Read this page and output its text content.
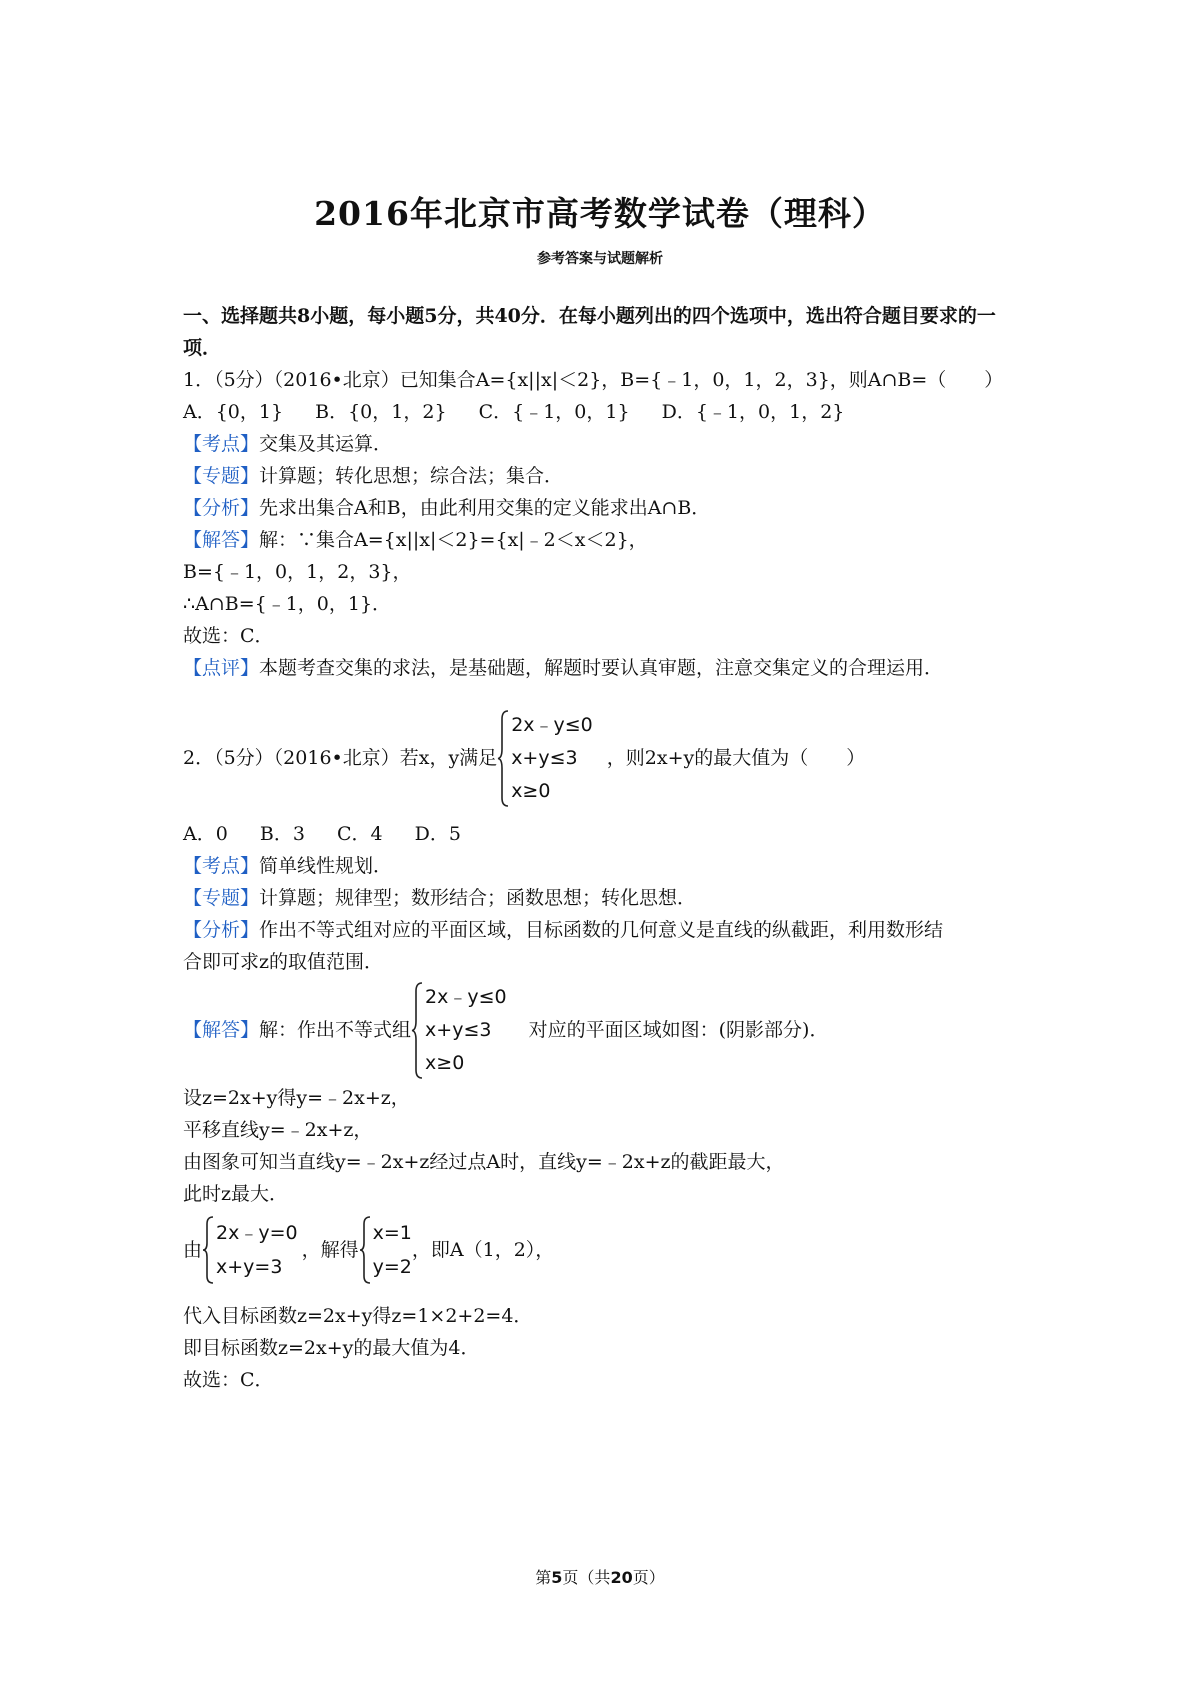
2016年北京市高考数学试卷（理科）
参考答案与试题解析
一、选择题共8小题，每小题5分，共40分．在每小题列出的四个选项中，选出符合题目要求的一项．
1．（5分）（2016•北京）已知集合A={x||x|＜2}，B={﹣1，0，1，2，3}，则A∩B=（　　）
A．{0，1} B．{0，1，2} C．{﹣1，0，1} D．{﹣1，0，1，2}
【考点】交集及其运算．
【专题】计算题；转化思想；综合法；集合．
【分析】先求出集合A和B，由此利用交集的定义能求出A∩B．
【解答】解：∵集合A={x||x|＜2}={x|﹣2＜x＜2}，
B={﹣1，0，1，2，3}，
∴A∩B={﹣1，0，1}．
故选：C．
【点评】本题考查交集的求法，是基础题，解题时要认真审题，注意交集定义的合理运用．
2．（5分）（2016•北京）若x，y满足
2x﹣y≤0
x+y≤3
x≥0
，则2x+y的最大值为（　　）
A．0 B．3 C．4 D．5
【考点】简单线性规划．
【专题】计算题；规律型；数形结合；函数思想；转化思想．
【分析】作出不等式组对应的平面区域，目标函数的几何意义是直线的纵截距，利用数形结
合即可求z的取值范围．
【解答】 解：作出不等式组
2x﹣y≤0
x+y≤3
x≥0
对应的平面区域如图：(阴影部分)．
设z=2x+y得y=﹣2x+z，
平移直线y=﹣2x+z，
由图象可知当直线y=﹣2x+z经过点A时，直线y=﹣2x+z的截距最大，
此时z最大．
由
2x﹣y=0
x+y=3
，解得
x=1
y=2
，即A（1，2），
代入目标函数z=2x+y得z=1×2+2=4．
即目标函数z=2x+y的最大值为4．
故选：C．
第5页（共20页）
